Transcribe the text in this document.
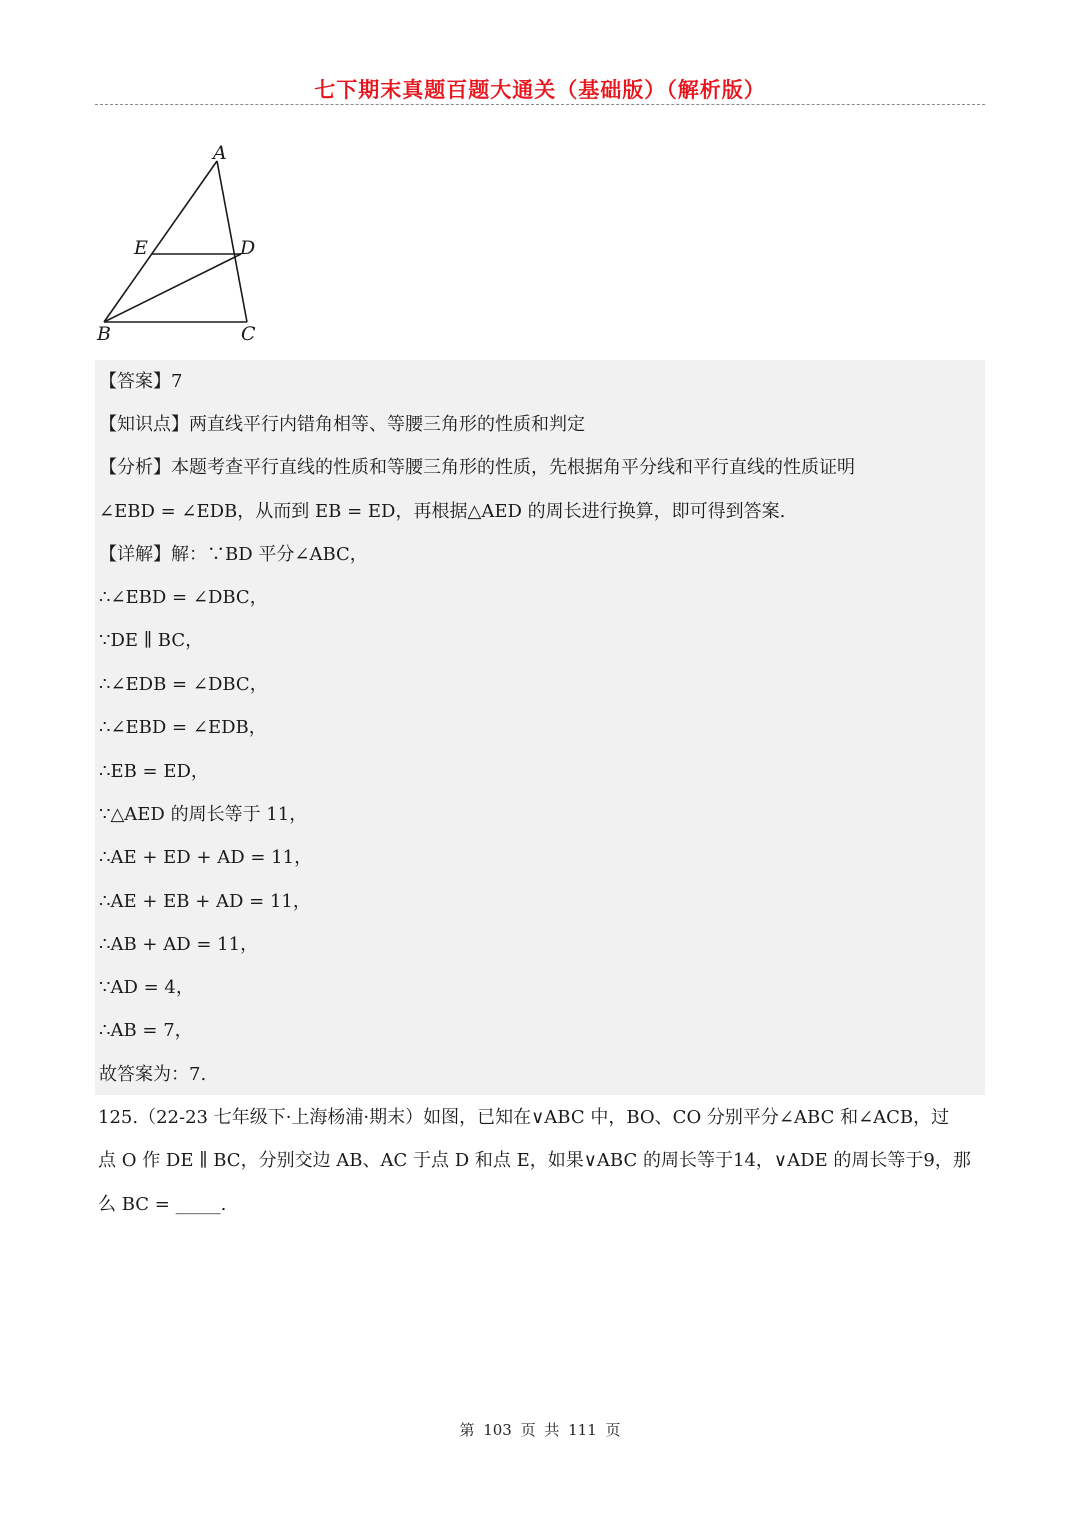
七下期末真题百题大通关（基础版）（解析版）
A
E	D
B	C
【答案】7
【知识点】两直线平行内错角相等、等腰三角形的性质和判定
【分析】本题考查平行直线的性质和等腰三角形的性质，先根据角平分线和平行直线的性质证明
∠EBD = ∠EDB，从而到 EB = ED，再根据△AED 的周长进行换算，即可得到答案.
【详解】解：∵BD 平分∠ABC，
∴∠EBD = ∠DBC，
∵DE ∥ BC，
∴∠EDB = ∠DBC，
∴∠EBD = ∠EDB，
∴EB = ED，
∵△AED 的周长等于 11，
∴AE + ED + AD = 11，
∴AE + EB + AD = 11，
∴AB + AD = 11，
∵AD = 4，
∴AB = 7，
故答案为：7.
125.（22-23 七年级下·上海杨浦·期末）如图，已知在∨ABC 中，BO、CO 分别平分∠ABC 和∠ACB，过
点 O 作 DE ∥ BC，分别交边 AB、AC 于点 D 和点 E，如果∨ABC 的周长等于14，∨ADE 的周长等于9，那
么 BC = _____.
第 103 页 共 111 页
